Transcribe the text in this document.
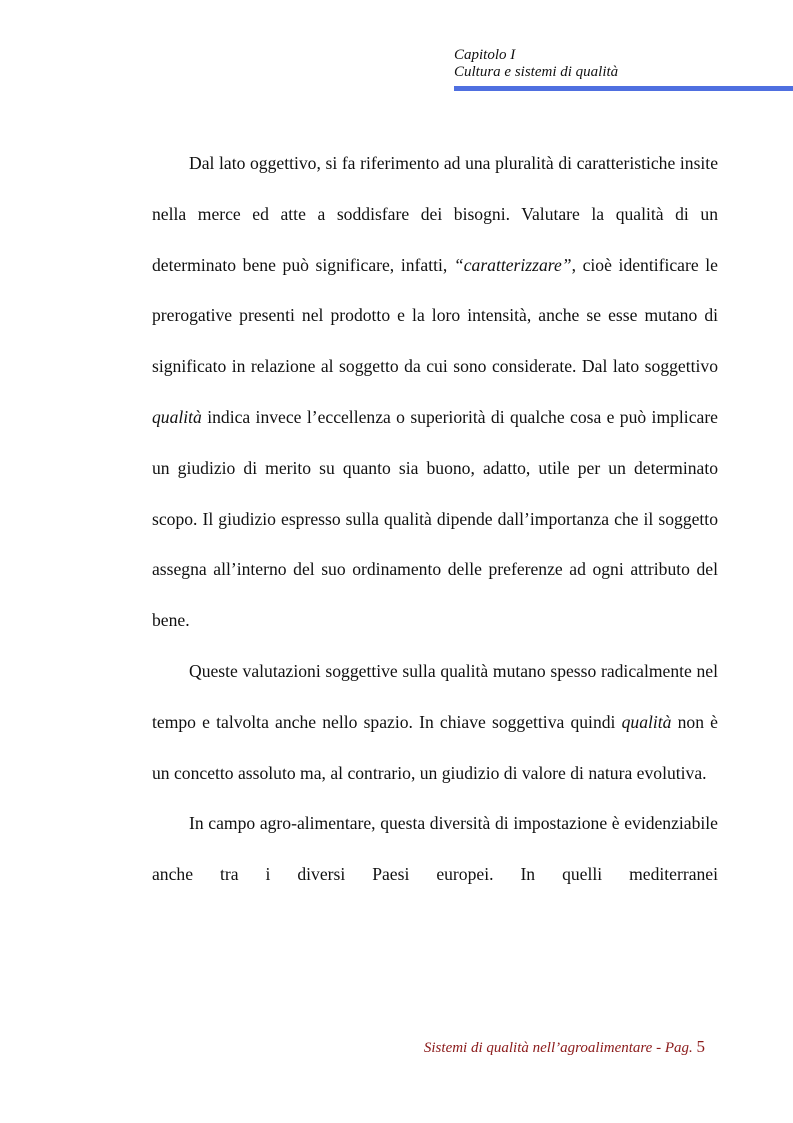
Capitolo I
Cultura e sistemi di qualità

Dal lato oggettivo, si fa riferimento ad una pluralità di caratteristiche insite nella merce ed atte a soddisfare dei bisogni. Valutare la qualità di un determinato bene può significare, infatti, “caratterizzare”, cioè identificare le prerogative presenti nel prodotto e la loro intensità, anche se esse mutano di significato in relazione al soggetto da cui sono considerate. Dal lato soggettivo qualità indica invece l’eccellenza o superiorità di qualche cosa e può implicare un giudizio di merito su quanto sia buono, adatto, utile per un determinato scopo. Il giudizio espresso sulla qualità dipende dall’importanza che il soggetto assegna all’interno del suo ordinamento delle preferenze ad ogni attributo del bene.

Queste valutazioni soggettive sulla qualità mutano spesso radicalmente nel tempo e talvolta anche nello spazio. In chiave soggettiva quindi qualità non è un concetto assoluto ma, al contrario, un giudizio di valore di natura evolutiva.

In campo agro-alimentare, questa diversità di impostazione è evidenziabile anche tra i diversi Paesi europei. In quelli mediterranei

Sistemi di qualità nell’agroalimentare - Pag. 5
